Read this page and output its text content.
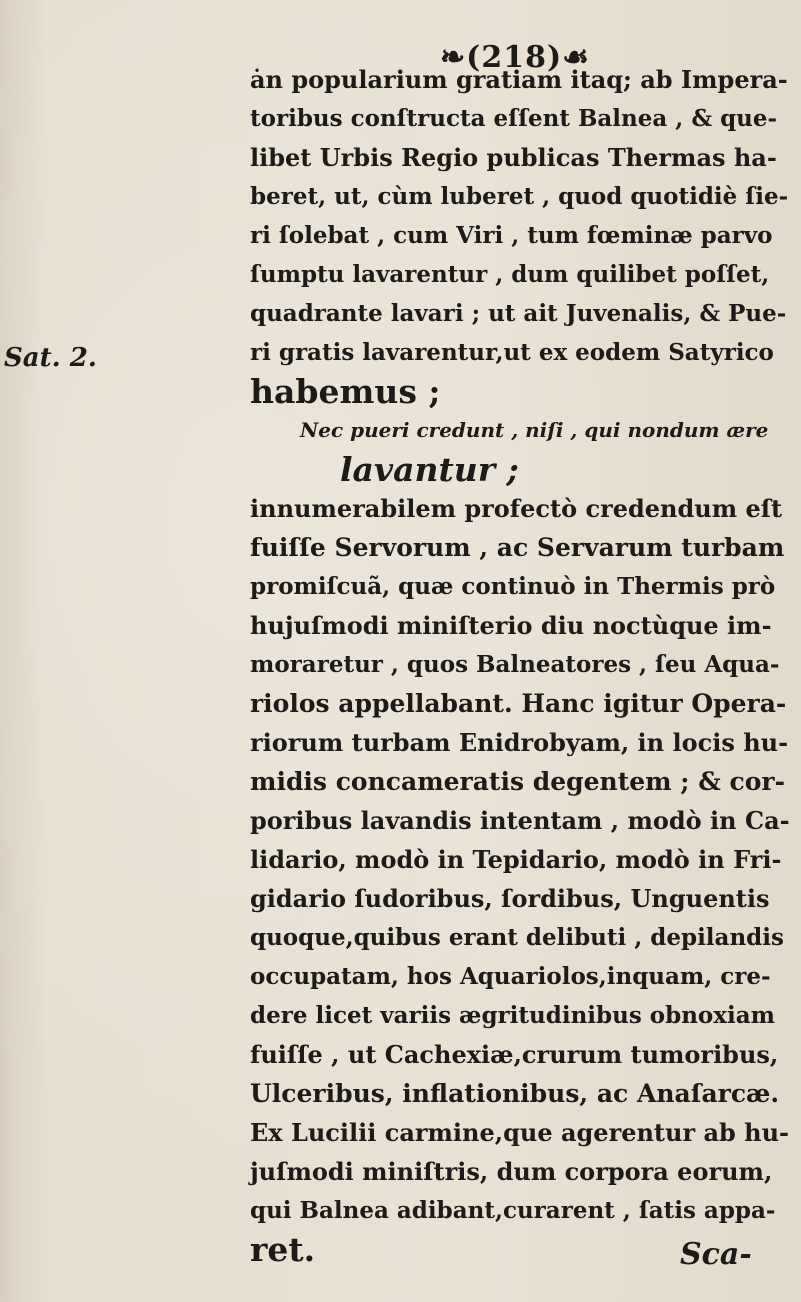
❧(218)☙
Sat. 2.
ȧn popularium gratiam itaq; ab Impera-
toribus conſtructa eſſent Balnea , & que-
libet Urbis Regio publicas Thermas ha-
beret, ut, cùm luberet , quod quotidiè ſie-
ri ſolebat , cum Viri , tum fœminæ parvo
ſumptu lavarentur , dum quilibet poſſet,
quadrante lavari ; ut ait Juvenalis, & Pue-
ri gratis lavarentur,ut ex eodem Satyrico
habemus ;
Nec pueri credunt , niſi , qui nondum ære
lavantur ;
innumerabilem profectò credendum eſt
fuiſſe Servorum , ac Servarum turbam
promiſcuã, quæ continuò in Thermis prò
hujuſmodi miniſterio diu noctùque im-
moraretur , quos Balneatores , ſeu Aqua-
riolos appellabant. Hanc igitur Opera-
riorum turbam Enidrobyam, in locis hu-
midis concameratis degentem ; & cor-
poribus lavandis intentam , modò in Ca-
lidario, modò in Tepidario, modò in Fri-
gidario ſudoribus, ſordibus, Unguentis
quoque,quibus erant delibuti , depilandis
occupatam, hos Aquariolos,inquam, cre-
dere licet variis ægritudinibus obnoxiam
fuiſſe , ut Cachexiæ,crurum tumoribus,
Ulceribus, inflationibus, ac Anaſarcæ.
Ex Lucilii carmine,que agerentur ab hu-
juſmodi miniſtris, dum corpora eorum,
qui Balnea adibant,curarent , ſatis appa-
ret.	Sca-
